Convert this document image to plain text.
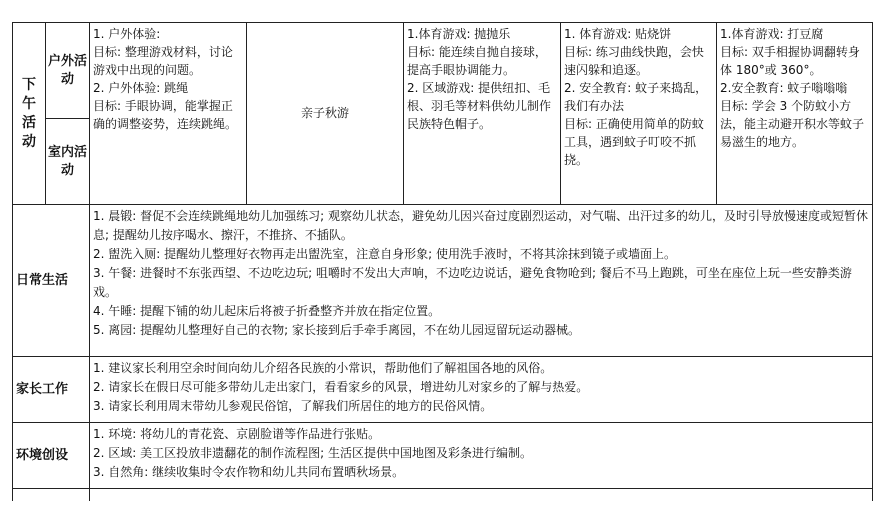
下
午
活
动	户外活动	1. 户外体验:
目标: 整理游戏材料，讨论游戏中出现的问题。
2. 户外体验: 跳绳
目标: 手眼协调，能掌握正确的调整姿势，连续跳绳。	亲子秋游	1.体育游戏: 抛抛乐
目标: 能连续自抛自接球，提高手眼协调能力。
2. 区域游戏: 提供纽扣、毛根、羽毛等材料供幼儿制作民族特色帽子。	1. 体育游戏: 贴烧饼
目标: 练习曲线快跑，会快速闪躲和追逐。
2. 安全教育: 蚊子来捣乱，我们有办法
目标: 正确使用简单的防蚊工具，遇到蚊子叮咬不抓挠。	1.体育游戏: 打豆腐
目标: 双手相握协调翻转身体 180°或 360°。
2.安全教育: 蚊子嗡嗡嗡
目标: 学会 3 个防蚊小方法，能主动避开积水等蚊子易滋生的地方。

	室内活动					
日常生活		1. 晨锻: 督促不会连续跳绳地幼儿加强练习; 观察幼儿状态，避免幼儿因兴奋过度剧烈运动，对气喘、出汗过多的幼儿，及时引导放慢速度或短暂休息; 提醒幼儿按序喝水、擦汗，不推挤、不插队。
2. 盥洗入厕: 提醒幼儿整理好衣物再走出盥洗室，注意自身形象; 使用洗手液时，不将其涂抹到镜子或墙面上。
3. 午餐: 进餐时不东张西望、不边吃边玩; 咀嚼时不发出大声响，不边吃边说话，避免食物呛到; 餐后不马上跑跳，可坐在座位上玩一些安静类游戏。
4. 午睡: 提醒下铺的幼儿起床后将被子折叠整齐并放在指定位置。
5. 离园: 提醒幼儿整理好自己的衣物; 家长接到后手牵手离园，不在幼儿园逗留玩运动器械。				

家长工作		1. 建议家长利用空余时间向幼儿介绍各民族的小常识，帮助他们了解祖国各地的风俗。
2. 请家长在假日尽可能多带幼儿走出家门，看看家乡的风景，增进幼儿对家乡的了解与热爱。
3. 请家长利用周末带幼儿参观民俗馆，了解我们所居住的地方的民俗风情。				

环境创设		1. 环境: 将幼儿的青花瓷、京剧脸谱等作品进行张贴。
2. 区域: 美工区投放非遗翻花的制作流程图; 生活区提供中国地图及彩条进行编制。
3. 自然角: 继续收集时令农作物和幼儿共同布置晒秋场景。				
